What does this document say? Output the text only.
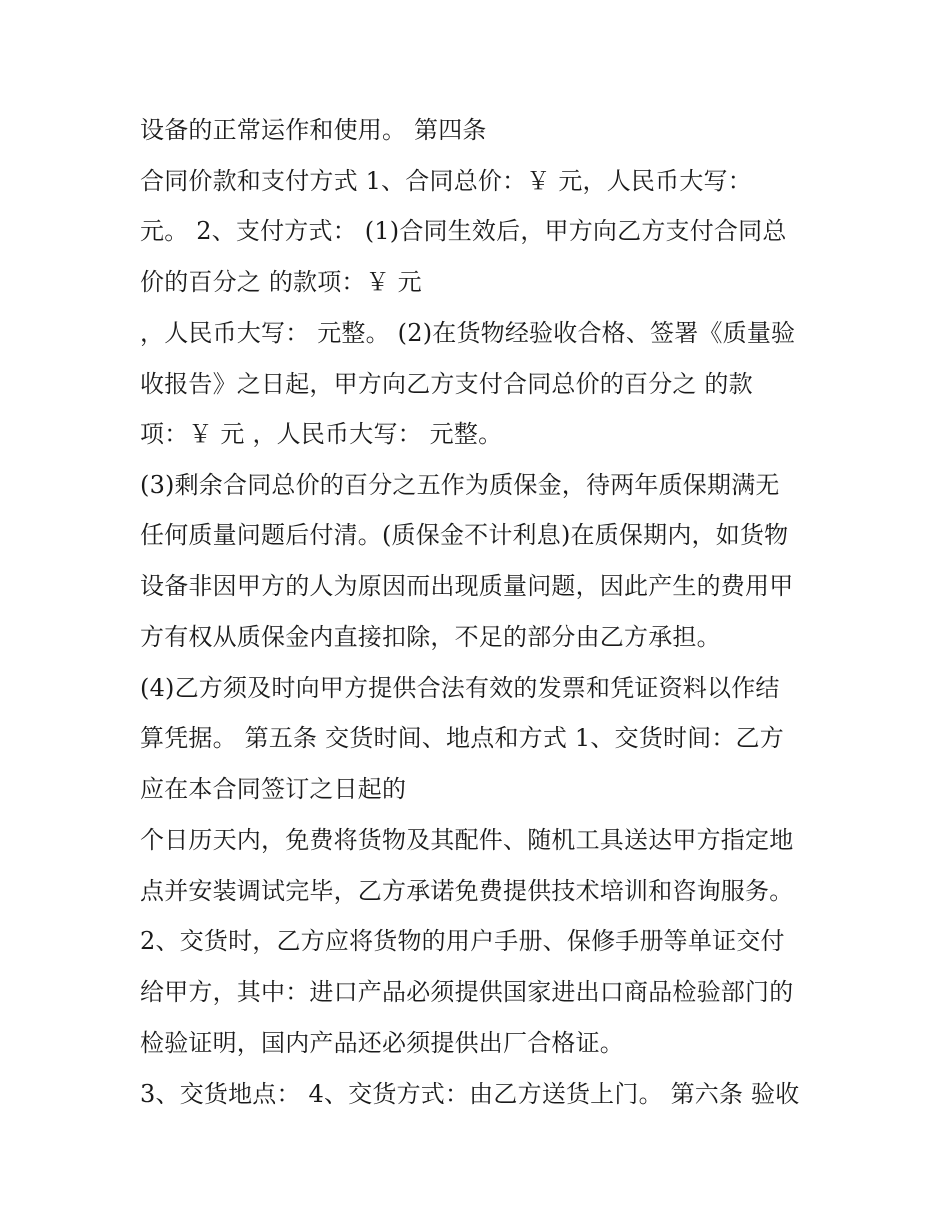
设备的正常运作和使用。 第四条
合同价款和支付方式 1、合同总价：￥ 元，人民币大写：
元。 2、支付方式： (1)合同生效后，甲方向乙方支付合同总
价的百分之 的款项：￥ 元
，人民币大写： 元整。 (2)在货物经验收合格、签署《质量验
收报告》之日起，甲方向乙方支付合同总价的百分之 的款
项：￥ 元 ，人民币大写： 元整。
(3)剩余合同总价的百分之五作为质保金，待两年质保期满无
任何质量问题后付清。(质保金不计利息)在质保期内，如货物
设备非因甲方的人为原因而出现质量问题，因此产生的费用甲
方有权从质保金内直接扣除，不足的部分由乙方承担。
(4)乙方须及时向甲方提供合法有效的发票和凭证资料以作结
算凭据。 第五条 交货时间、地点和方式 1、交货时间：乙方
应在本合同签订之日起的
个日历天内，免费将货物及其配件、随机工具送达甲方指定地
点并安装调试完毕，乙方承诺免费提供技术培训和咨询服务。
2、交货时，乙方应将货物的用户手册、保修手册等单证交付
给甲方，其中：进口产品必须提供国家进出口商品检验部门的
检验证明，国内产品还必须提供出厂合格证。
3、交货地点： 4、交货方式：由乙方送货上门。 第六条 验收
